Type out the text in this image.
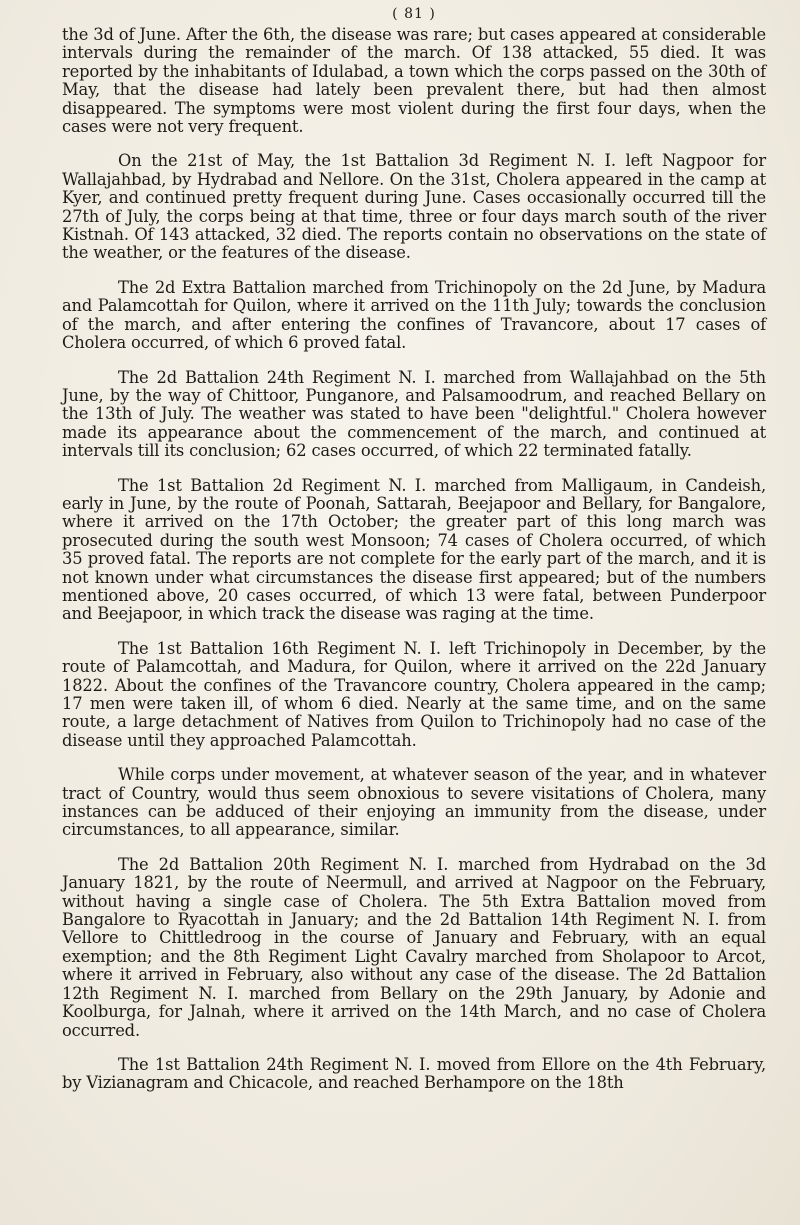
( 81 )

the 3d of June. After the 6th, the disease was rare; but cases appeared at considerable intervals during the remainder of the march. Of 138 attacked, 55 died. It was reported by the inhabitants of Idulabad, a town which the corps passed on the 30th of May, that the disease had lately been prevalent there, but had then almost disappeared. The symptoms were most violent during the first four days, when the cases were not very frequent.

On the 21st of May, the 1st Battalion 3d Regiment N. I. left Nagpoor for Wallajahbad, by Hydrabad and Nellore. On the 31st, Cholera appeared in the camp at Kyer, and continued pretty frequent during June. Cases occasionally occurred till the 27th of July, the corps being at that time, three or four days march south of the river Kistnah. Of 143 attacked, 32 died. The reports contain no observations on the state of the weather, or the features of the disease.

The 2d Extra Battalion marched from Trichinopoly on the 2d June, by Madura and Palamcottah for Quilon, where it arrived on the 11th July; towards the conclusion of the march, and after entering the confines of Travancore, about 17 cases of Cholera occurred, of which 6 proved fatal.

The 2d Battalion 24th Regiment N. I. marched from Wallajahbad on the 5th June, by the way of Chittoor, Punganore, and Palsamoodrum, and reached Bellary on the 13th of July. The weather was stated to have been "delightful." Cholera however made its appearance about the commencement of the march, and continued at intervals till its conclusion; 62 cases occurred, of which 22 terminated fatally.

The 1st Battalion 2d Regiment N. I. marched from Malligaum, in Candeish, early in June, by the route of Poonah, Sattarah, Beejapoor and Bellary, for Bangalore, where it arrived on the 17th October; the greater part of this long march was prosecuted during the south west Monsoon; 74 cases of Cholera occurred, of which 35 proved fatal. The reports are not complete for the early part of the march, and it is not known under what circumstances the disease first appeared; but of the numbers mentioned above, 20 cases occurred, of which 13 were fatal, between Punderpoor and Beejapoor, in which track the disease was raging at the time.

The 1st Battalion 16th Regiment N. I. left Trichinopoly in December, by the route of Palamcottah, and Madura, for Quilon, where it arrived on the 22d January 1822. About the confines of the Travancore country, Cholera appeared in the camp; 17 men were taken ill, of whom 6 died. Nearly at the same time, and on the same route, a large detachment of Natives from Quilon to Trichinopoly had no case of the disease until they approached Palamcottah.

While corps under movement, at whatever season of the year, and in whatever tract of Country, would thus seem obnoxious to severe visitations of Cholera, many instances can be adduced of their enjoying an immunity from the disease, under circumstances, to all appearance, similar.

The 2d Battalion 20th Regiment N. I. marched from Hydrabad on the 3d January 1821, by the route of Neermull, and arrived at Nagpoor on the February, without having a single case of Cholera. The 5th Extra Battalion moved from Bangalore to Ryacottah in January; and the 2d Battalion 14th Regiment N. I. from Vellore to Chittledroog in the course of January and February, with an equal exemption; and the 8th Regiment Light Cavalry marched from Sholapoor to Arcot, where it arrived in February, also without any case of the disease. The 2d Battalion 12th Regiment N. I. marched from Bellary on the 29th January, by Adonie and Koolburga, for Jalnah, where it arrived on the 14th March, and no case of Cholera occurred.

The 1st Battalion 24th Regiment N. I. moved from Ellore on the 4th February, by Vizianagram and Chicacole, and reached Berhampore on the 18th
